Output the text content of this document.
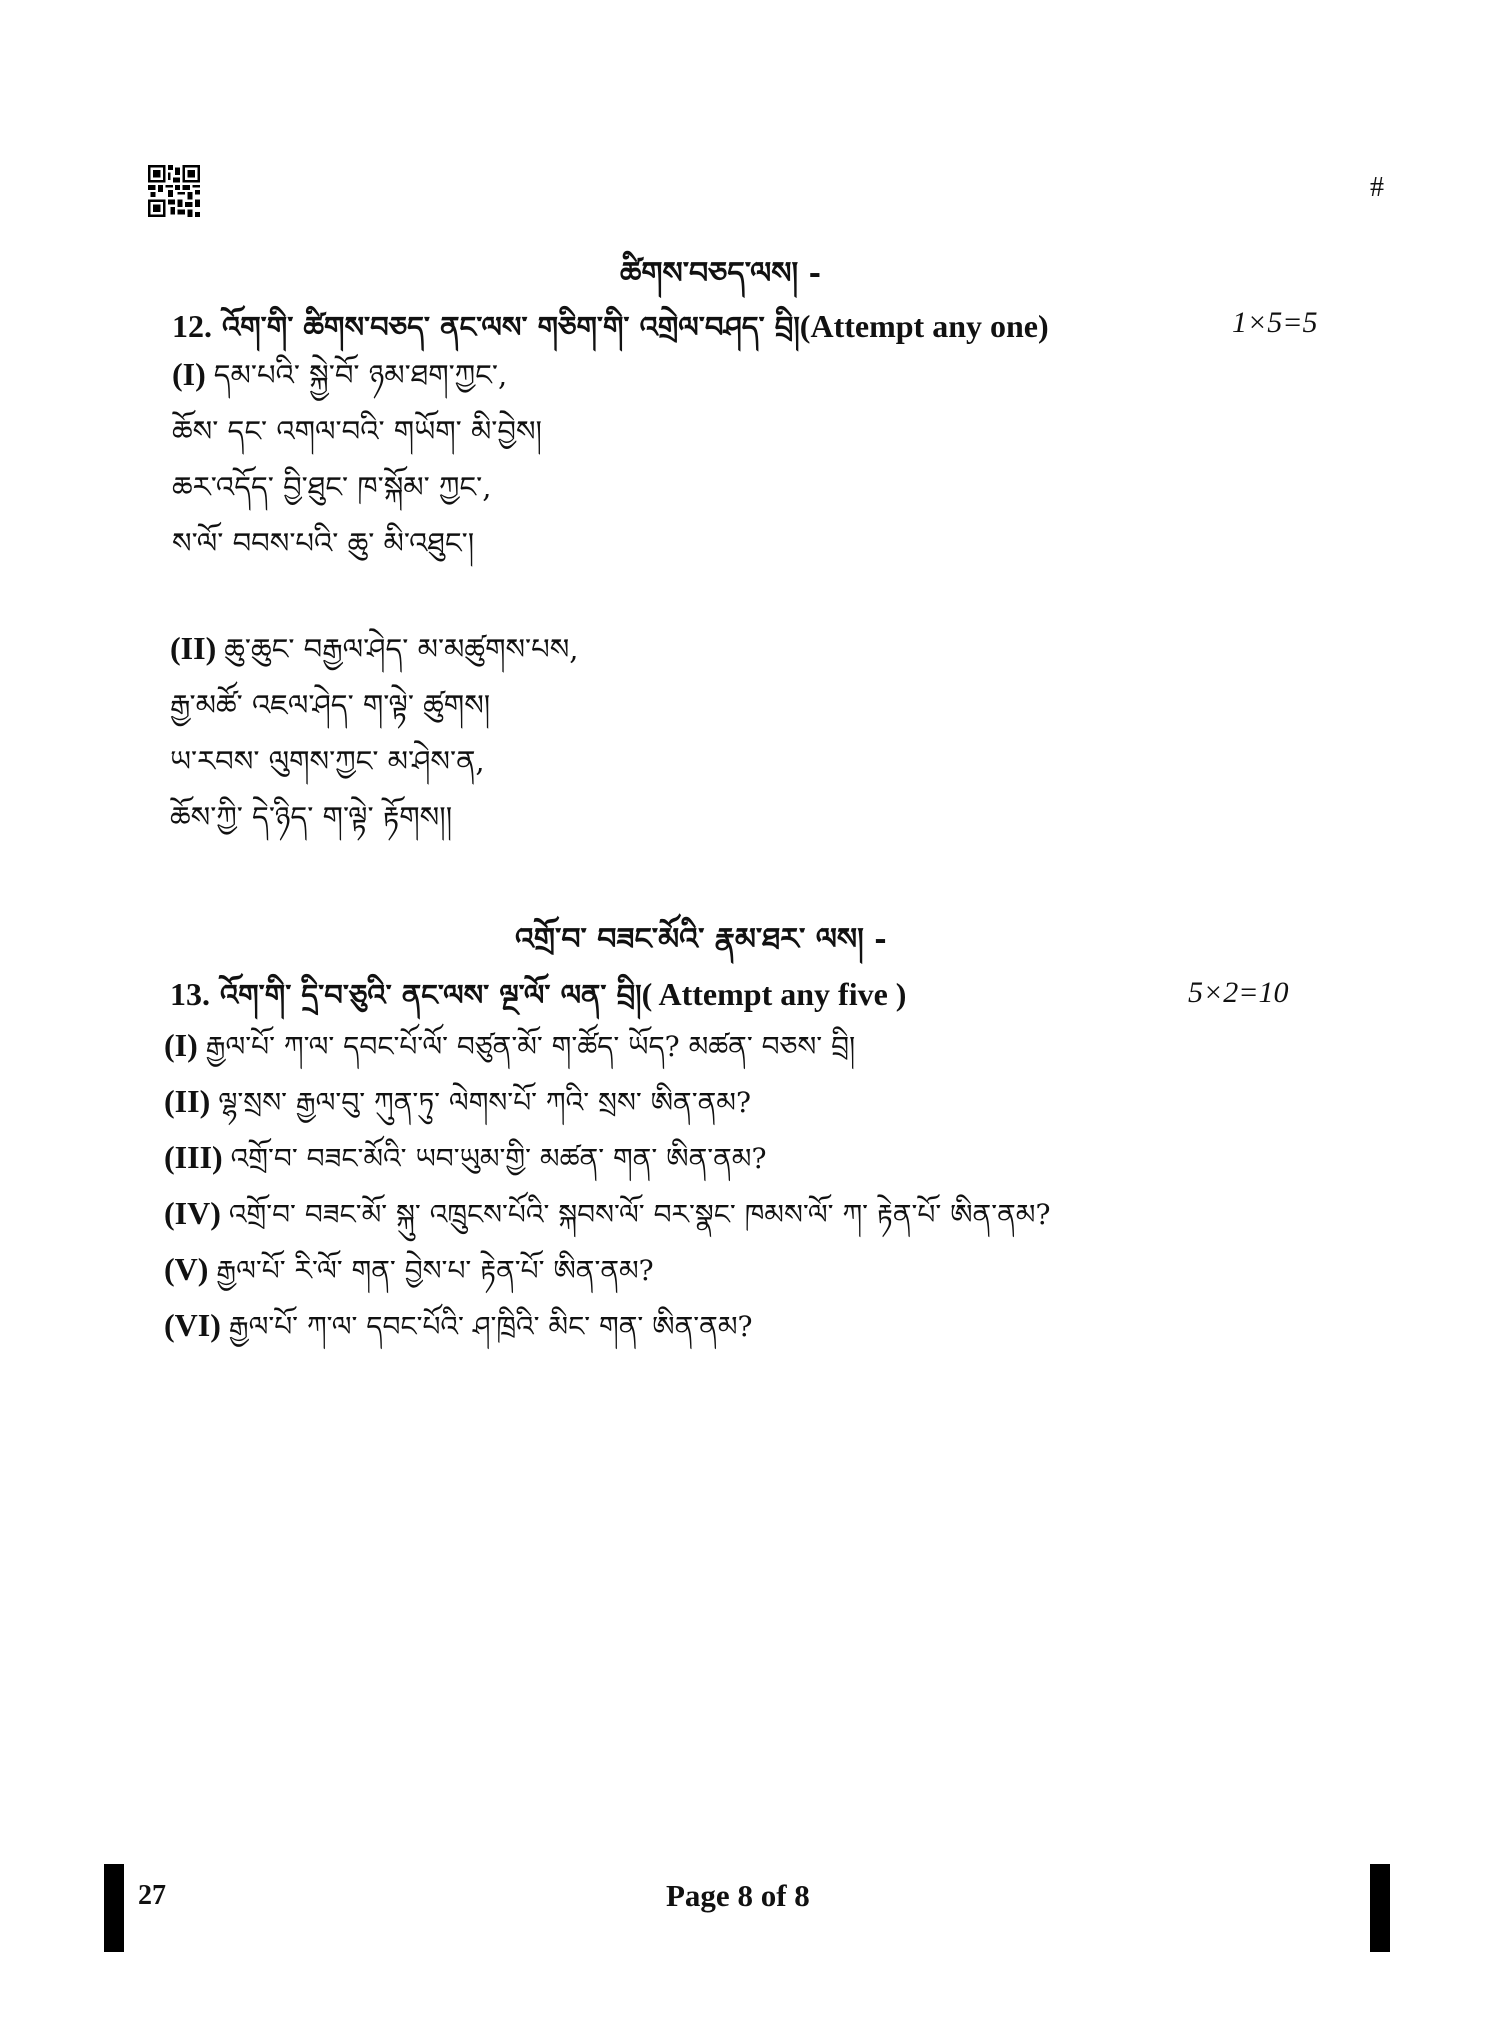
#
ཚིགས་བཅད་ལས། -
12. འོག་གི་ ཚིགས་བཅད་ ནང་ལས་ གཅིག་གི་ འགྲེལ་བཤད་ བྲི། (Attempt any one)	1×5=5
(I) དམ་པའི་ སྐྱེ་བོ་ ཉམ་ཐག་ཀྱང་,
ཆོས་ དང་ འགལ་བའི་ གཡོག་ མི་བྱེས།
ཆར་འདོད་ བྱི་ཐུང་ ཁ་སྐོམ་ ཀྱང་,
ས་ལོ་ བབས་པའི་ ཆུ་ མི་འཐུང་།
(II) ཆུ་ཆུང་ བརྒྱལ་ཤེད་ མ་མཚུགས་པས,
རྒྱ་མཚོ་ འཇལ་ཤེད་ ག་ལྟེ་ ཚུགས།
ཡ་རབས་ ལུགས་ཀྱང་ མ་ཤེས་ན,
ཆོས་ཀྱི་ དེ་ཉིད་ ག་ལྟེ་ རྟོགས།།
འགྲོ་བ་ བཟང་མོའི་ རྣམ་ཐར་ ལས། -
13. འོག་གི་ དྲི་བ་ཅུའི་ ནང་ལས་ ལྔ་ལོ་ ལན་ བྲི། ( Attempt any five )	5×2=10
(I) རྒྱལ་པོ་ ཀ་ལ་ དབང་པོ་ལོ་ བཙུན་མོ་ ག་ཚོད་ ཡོད? མཚན་ བཅས་ བྲི།
(II) ལྷ་སྲས་ རྒྱལ་བུ་ ཀུན་ཏུ་ ལེགས་པོ་ ཀའི་ སྲས་ ཨིན་ནམ?
(III) འགྲོ་བ་ བཟང་མོའི་ ཡབ་ཡུམ་གྱི་ མཚན་ གན་ ཨིན་ནམ?
(IV) འགྲོ་བ་ བཟང་མོ་ སྐུ་ འཁྲུངས་པོའི་ སྐབས་ལོ་ བར་སྣང་ ཁམས་ལོ་ ཀ་ རྟེན་པོ་ ཨིན་ནམ?
(V) རྒྱལ་པོ་ རི་ལོ་ གན་ བྱེས་པ་ རྟེན་པོ་ ཨིན་ནམ?
(VI) རྒྱལ་པོ་ ཀ་ལ་ དབང་པོའི་ ཤ་ཁྲིའི་ མིང་ གན་ ཨིན་ནམ?
27	Page 8 of 8
